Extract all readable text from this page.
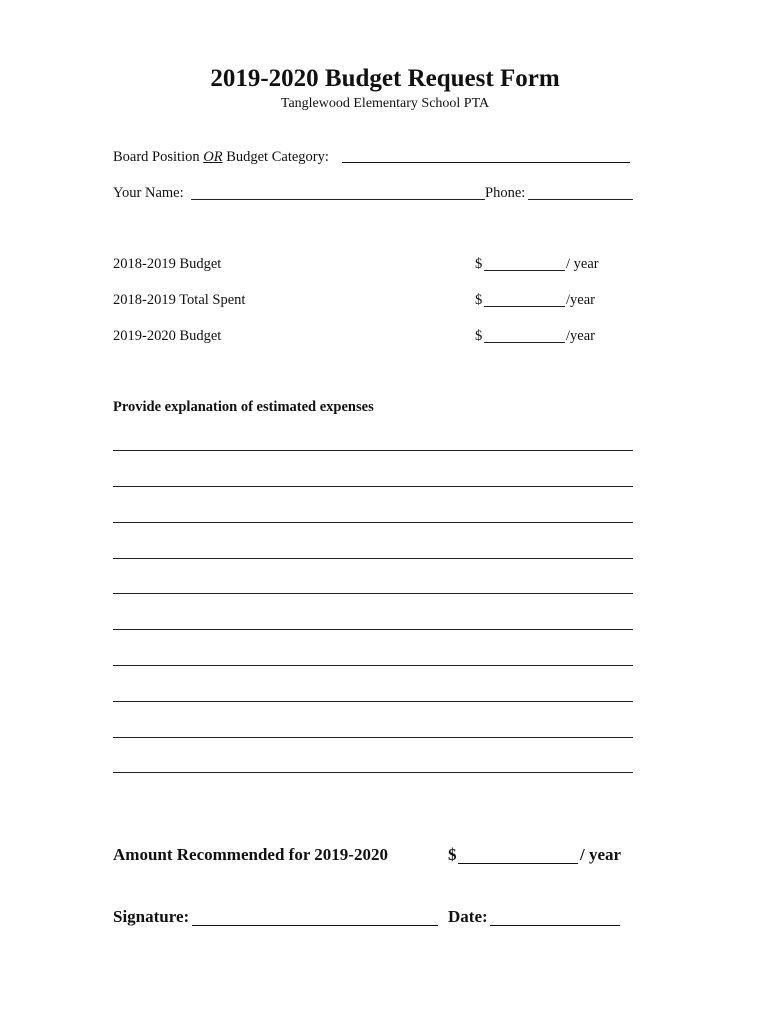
2019-2020 Budget Request Form
Tanglewood Elementary School PTA
Board Position OR Budget Category:
Your Name:	Phone:
2018-2019 Budget	$	/ year
2018-2019 Total Spent	$	/year
2019-2020 Budget	$	/year
Provide explanation of estimated expenses
Amount Recommended for 2019-2020	$	/ year
Signature:	Date:
